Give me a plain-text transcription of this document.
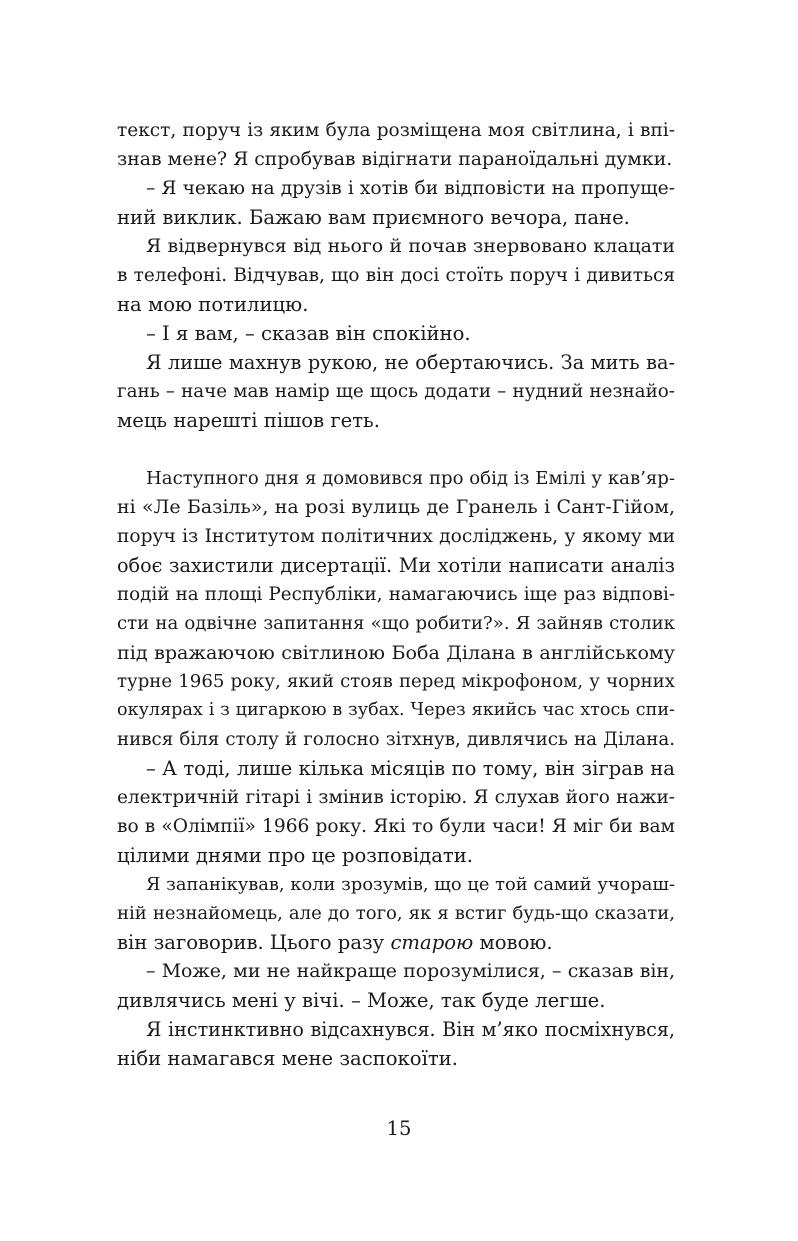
текст, поруч із яким була розміщена моя світлина, і впі-
знав мене? Я спробував відігнати параноїдальні думки.
– Я чекаю на друзів і хотів би відповісти на пропуще-
ний виклик. Бажаю вам приємного вечора, пане.
Я відвернувся від нього й почав знервовано клацати
в телефоні. Відчував, що він досі стоїть поруч і дивиться
на мою потилицю.
– І я вам, – сказав він спокійно.
Я лише махнув рукою, не обертаючись. За мить ва-
гань – наче мав намір ще щось додати – нудний незнайо-
мець нарешті пішов геть.
Наступного дня я домовився про обід із Емілі у кав’яр-
ні «Ле Базіль», на розі вулиць де Гранель і Сант-Гійом,
поруч із Інститутом політичних досліджень, у якому ми
обоє захистили дисертації. Ми хотіли написати аналіз
подій на площі Республіки, намагаючись іще раз відпові-
сти на одвічне запитання «що робити?». Я зайняв столик
під вражаючою світлиною Боба Ділана в англійському
турне 1965 року, який стояв перед мікрофоном, у чорних
окулярах і з цигаркою в зубах. Через якийсь час хтось спи-
нився біля столу й голосно зітхнув, дивлячись на Ділана.
– А тоді, лише кілька місяців по тому, він зіграв на
електричній гітарі і змінив історію. Я слухав його нажи-
во в «Олімпії» 1966 року. Які то були часи! Я міг би вам
цілими днями про це розповідати.
Я запанікував, коли зрозумів, що це той самий учораш-
ній незнайомець, але до того, як я встиг будь-що сказати,
він заговорив. Цього разу старою мовою.
– Може, ми не найкраще порозумілися, – сказав він,
дивлячись мені у вічі. – Може, так буде легше.
Я інстинктивно відсахнувся. Він м’яко посміхнувся,
ніби намагався мене заспокоїти.
15
